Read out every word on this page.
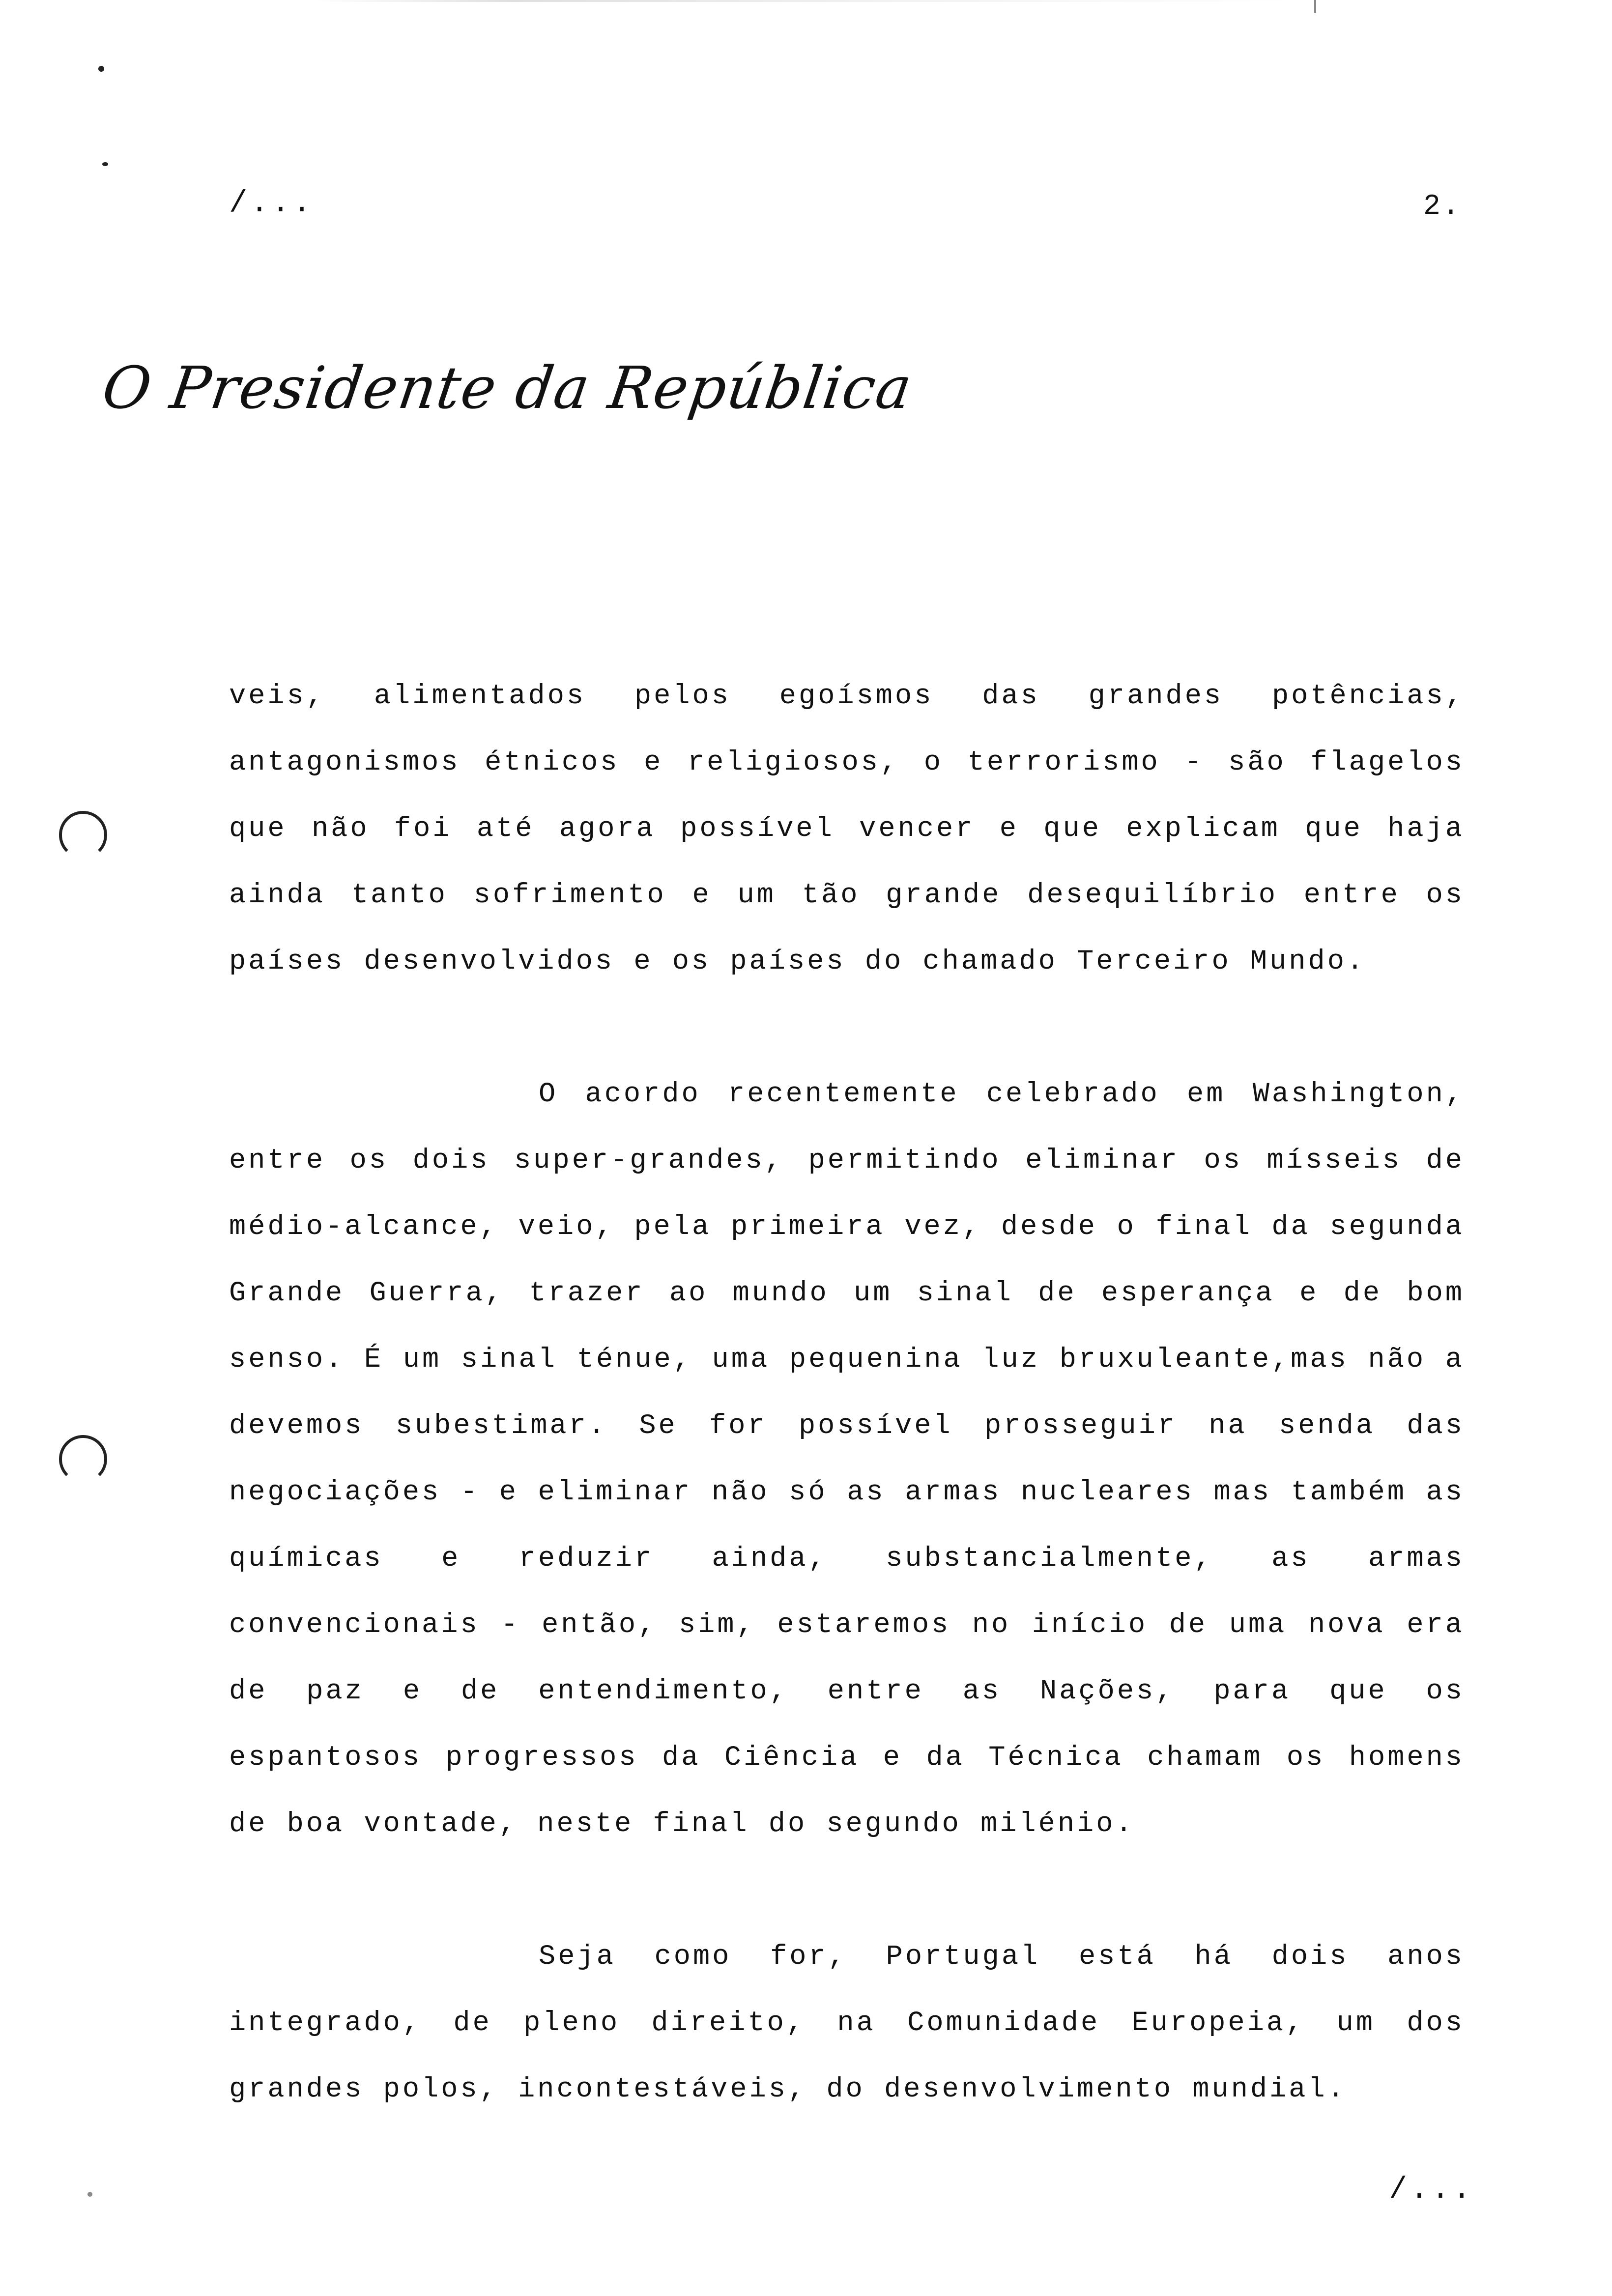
/...	2.
O Presidente da República

veis, alimentados pelos egoísmos das grandes potências, antagonismos étnicos e religiosos, o terrorismo - são flagelos que não foi até agora possível vencer e que explicam que haja ainda tanto sofrimento e um tão grande desequilíbrio entre os países desenvolvidos e os países do chamado Terceiro Mundo.

O acordo recentemente celebrado em Washington, entre os dois super-grandes, permitindo eliminar os mísseis de médio-alcance, veio, pela primeira vez, desde o final da segunda Grande Guerra, trazer ao mundo um sinal de esperança e de bom senso. É um sinal ténue, uma pequenina luz bruxuleante,mas não a devemos subestimar. Se for possível prosseguir na senda das negociações - e eliminar não só as armas nucleares mas também as químicas e reduzir ainda, substancialmente, as armas convencionais - então, sim, estaremos no início de uma nova era de paz e de entendimento, entre as Nações, para que os espantosos progressos da Ciência e da Técnica chamam os homens de boa vontade, neste final do segundo milénio.

Seja como for, Portugal está há dois anos integrado, de pleno direito, na Comunidade Europeia, um dos grandes polos, incontestáveis, do desenvolvimento mundial.

/...
